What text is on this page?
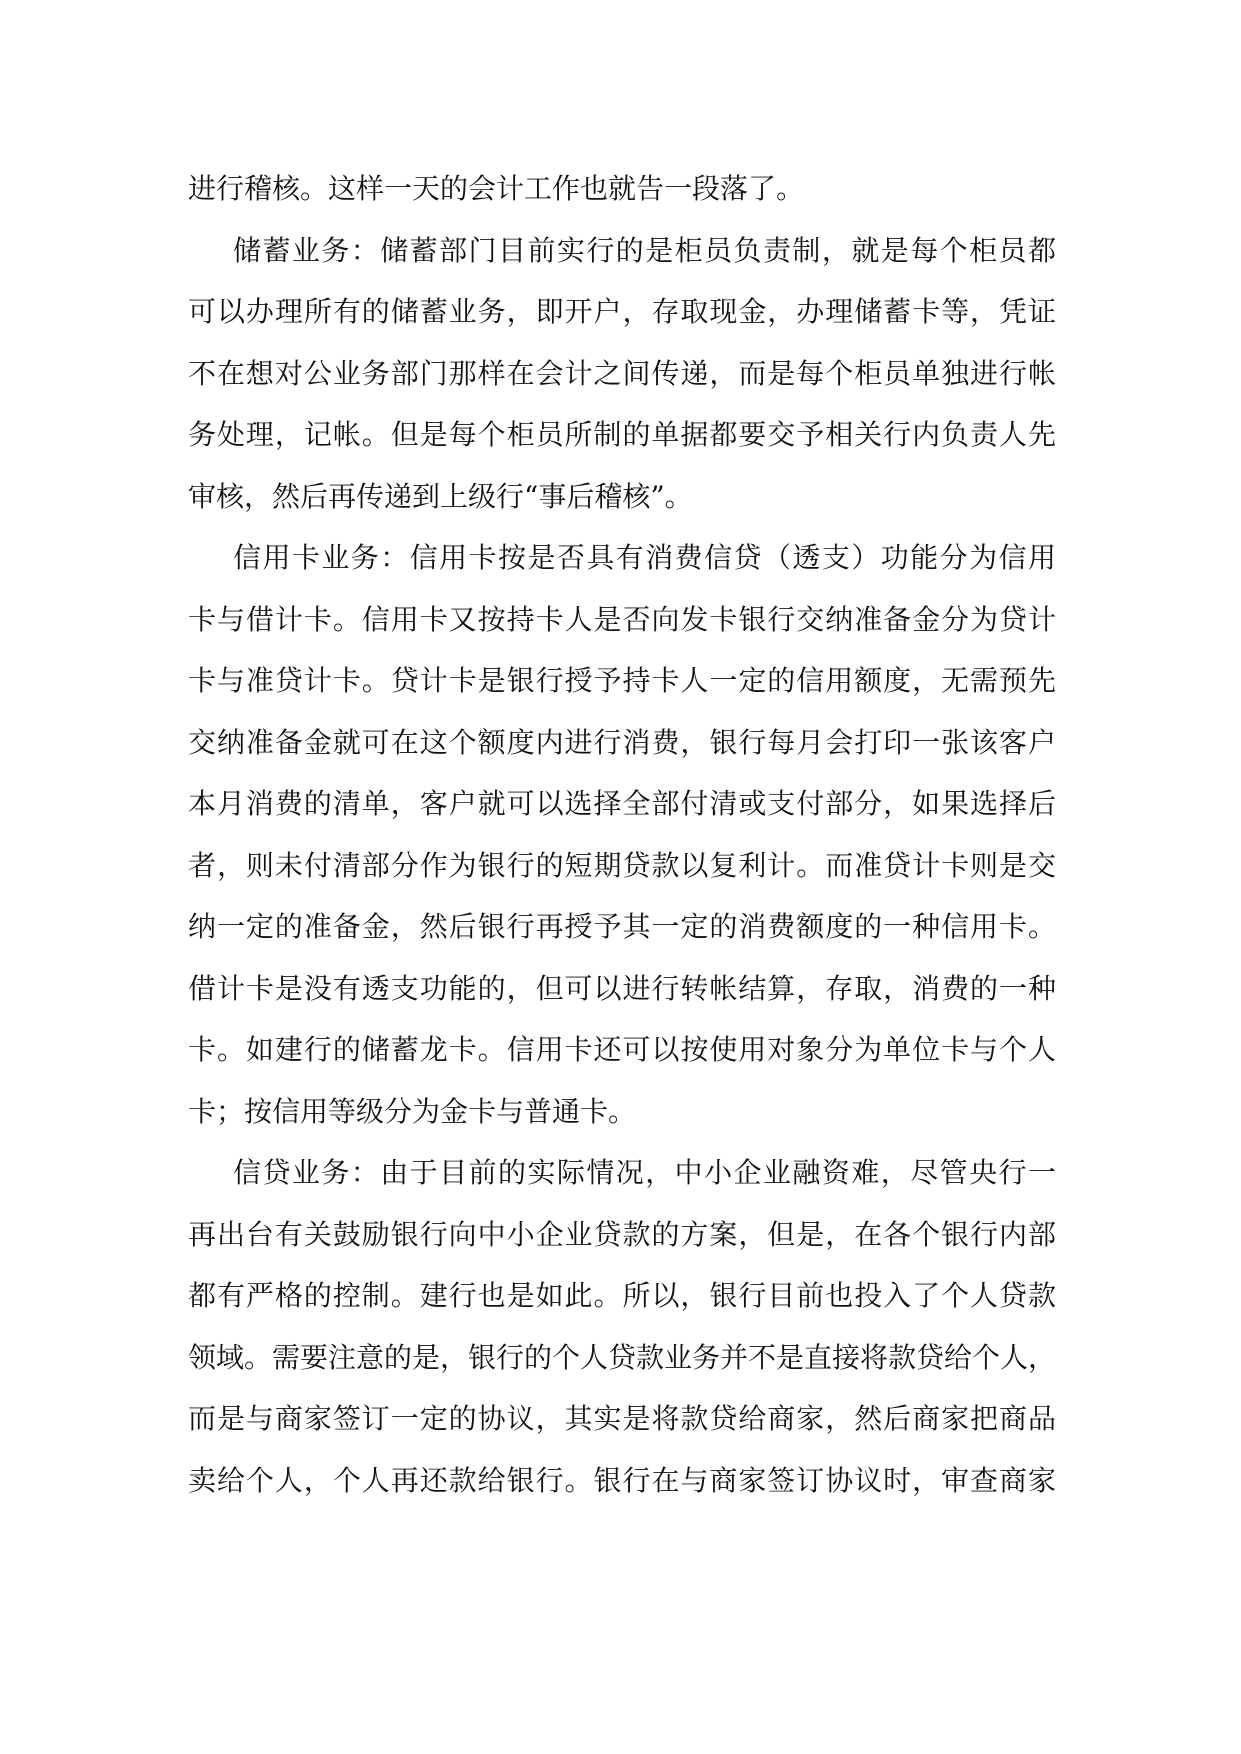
进行稽核。这样一天的会计工作也就告一段落了。
储蓄业务：储蓄部门目前实行的是柜员负责制，就是每个柜员都
可以办理所有的储蓄业务，即开户，存取现金，办理储蓄卡等，凭证
不在想对公业务部门那样在会计之间传递，而是每个柜员单独进行帐
务处理，记帐。但是每个柜员所制的单据都要交予相关行内负责人先
审核，然后再传递到上级行“事后稽核”。
信用卡业务：信用卡按是否具有消费信贷（透支）功能分为信用
卡与借计卡。信用卡又按持卡人是否向发卡银行交纳准备金分为贷计
卡与准贷计卡。贷计卡是银行授予持卡人一定的信用额度，无需预先
交纳准备金就可在这个额度内进行消费，银行每月会打印一张该客户
本月消费的清单，客户就可以选择全部付清或支付部分，如果选择后
者，则未付清部分作为银行的短期贷款以复利计。而准贷计卡则是交
纳一定的准备金，然后银行再授予其一定的消费额度的一种信用卡。
借计卡是没有透支功能的，但可以进行转帐结算，存取，消费的一种
卡。如建行的储蓄龙卡。信用卡还可以按使用对象分为单位卡与个人
卡；按信用等级分为金卡与普通卡。
信贷业务：由于目前的实际情况，中小企业融资难，尽管央行一
再出台有关鼓励银行向中小企业贷款的方案，但是，在各个银行内部
都有严格的控制。建行也是如此。所以，银行目前也投入了个人贷款
领域。需要注意的是，银行的个人贷款业务并不是直接将款贷给个人，
而是与商家签订一定的协议，其实是将款贷给商家，然后商家把商品
卖给个人，个人再还款给银行。银行在与商家签订协议时，审查商家
